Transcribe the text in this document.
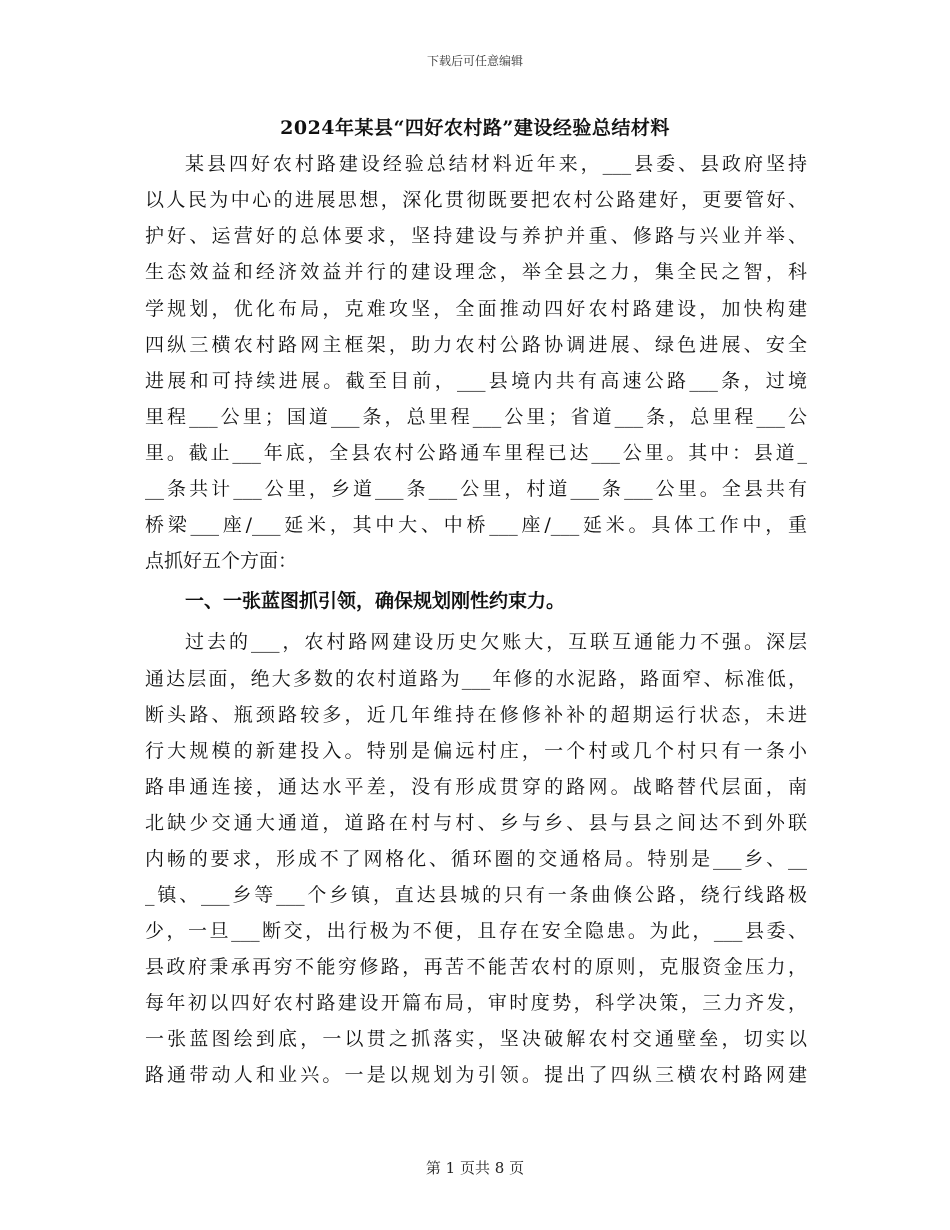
下载后可任意编辑
2024年某县“四好农村路”建设经验总结材料
某县四好农村路建设经验总结材料近年来，___县委、县政府坚持
以人民为中心的进展思想，深化贯彻既要把农村公路建好，更要管好、
护好、运营好的总体要求，坚持建设与养护并重、修路与兴业并举、
生态效益和经济效益并行的建设理念，举全县之力，集全民之智，科
学规划，优化布局，克难攻坚，全面推动四好农村路建设，加快构建
四纵三横农村路网主框架，助力农村公路协调进展、绿色进展、安全
进展和可持续进展。截至目前，___县境内共有高速公路___条，过境
里程___公里；国道___条，总里程___公里；省道___条，总里程___公
里。截止___年底，全县农村公路通车里程已达___公里。其中：县道_
__条共计___公里，乡道___条___公里，村道___条___公里。全县共有
桥梁___座/___延米，其中大、中桥___座/___延米。具体工作中，重
点抓好五个方面：
一、一张蓝图抓引领，确保规划刚性约束力。
过去的___，农村路网建设历史欠账大，互联互通能力不强。深层
通达层面，绝大多数的农村道路为___年修的水泥路，路面窄、标准低，
断头路、瓶颈路较多，近几年维持在修修补补的超期运行状态，未进
行大规模的新建投入。特别是偏远村庄，一个村或几个村只有一条小
路串通连接，通达水平差，没有形成贯穿的路网。战略替代层面，南
北缺少交通大通道，道路在村与村、乡与乡、县与县之间达不到外联
内畅的要求，形成不了网格化、循环圈的交通格局。特别是___乡、__
_镇、___乡等___个乡镇，直达县城的只有一条曲倏公路，绕行线路极
少，一旦___断交，出行极为不便，且存在安全隐患。为此，___县委、
县政府秉承再穷不能穷修路，再苦不能苦农村的原则，克服资金压力，
每年初以四好农村路建设开篇布局，审时度势，科学决策，三力齐发，
一张蓝图绘到底，一以贯之抓落实，坚决破解农村交通壁垒，切实以
路通带动人和业兴。一是以规划为引领。提出了四纵三横农村路网建
第 1 页共 8 页
